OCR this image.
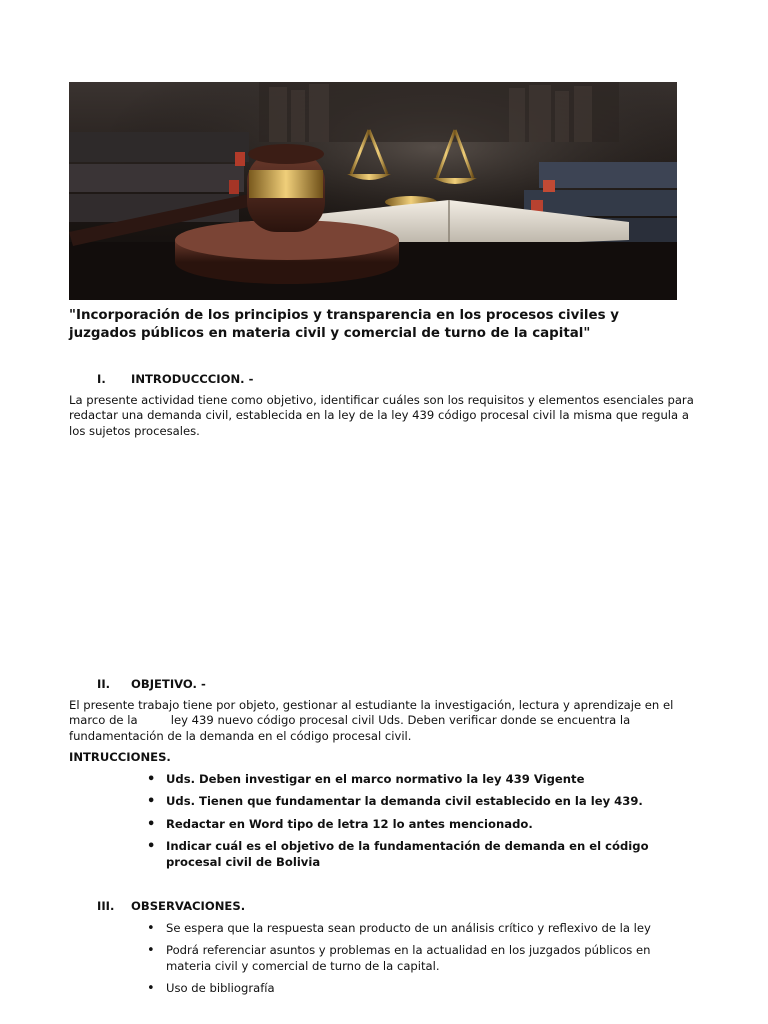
"Incorporación de los principios y transparencia en los procesos civiles y juzgados públicos en materia civil y comercial de turno de la capital"

I.	INTRODUCCCION. -

La presente actividad tiene como objetivo, identificar cuáles son los requisitos y elementos esenciales para redactar una demanda civil, establecida en la ley de la ley 439 código procesal civil la misma que regula a los sujetos procesales.

II.	OBJETIVO. -

El presente trabajo tiene por objeto, gestionar al estudiante la investigación, lectura y aprendizaje en el marco de la         ley 439 nuevo código procesal civil Uds. Deben verificar donde se encuentra la fundamentación de la demanda en el código procesal civil.

INTRUCCIONES.
• Uds. Deben investigar en el marco normativo la ley 439 Vigente
• Uds. Tienen que fundamentar la demanda civil establecido en la ley 439.
• Redactar en Word tipo de letra 12 lo antes mencionado.
• Indicar cuál es el objetivo de la fundamentación de demanda en el código procesal civil de Bolivia
III.	OBSERVACIONES.
• Se espera que la respuesta sean producto de un análisis crítico y reflexivo de la ley
• Podrá referenciar asuntos y problemas en la actualidad en los juzgados públicos en materia civil y comercial de turno de la capital.
• Uso de bibliografía
